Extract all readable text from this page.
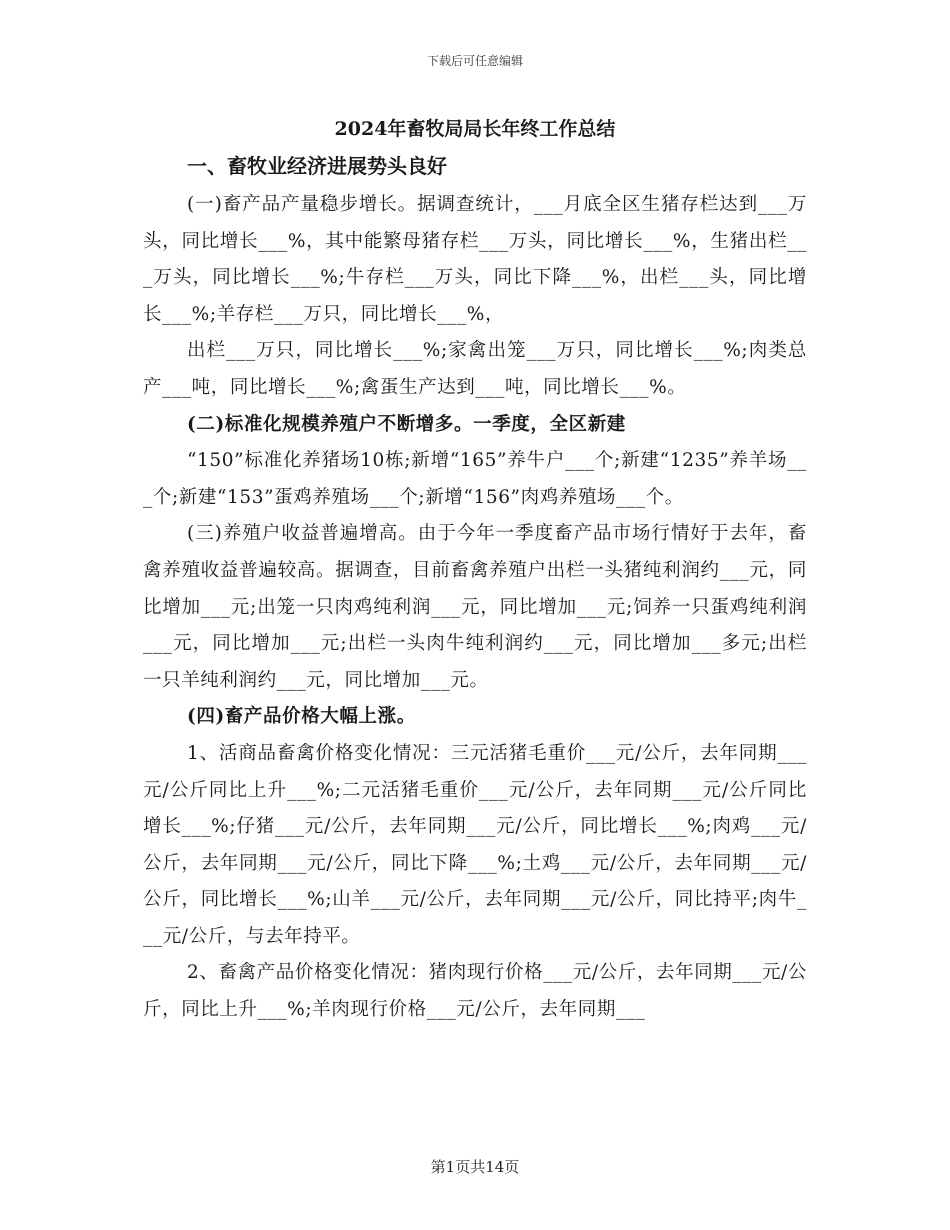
下载后可任意编辑
2024年畜牧局局长年终工作总结
一、畜牧业经济进展势头良好

(一)畜产品产量稳步增长。据调查统计，___月底全区生猪存栏达到___万头，同比增长___%，其中能繁母猪存栏___万头，同比增长___%，生猪出栏___万头，同比增长___%;牛存栏___万头，同比下降___%，出栏___头，同比增长___%;羊存栏___万只，同比增长___%，

出栏___万只，同比增长___%;家禽出笼___万只，同比增长___%;肉类总产___吨，同比增长___%;禽蛋生产达到___吨，同比增长___%。

(二)标准化规模养殖户不断增多。一季度，全区新建

“150”标准化养猪场10栋;新增“165”养牛户___个;新建“1235”养羊场___个;新建“153”蛋鸡养殖场___个;新增“156”肉鸡养殖场___个。

(三)养殖户收益普遍增高。由于今年一季度畜产品市场行情好于去年，畜禽养殖收益普遍较高。据调查，目前畜禽养殖户出栏一头猪纯利润约___元，同比增加___元;出笼一只肉鸡纯利润___元，同比增加___元;饲养一只蛋鸡纯利润___元，同比增加___元;出栏一头肉牛纯利润约___元，同比增加___多元;出栏一只羊纯利润约___元，同比增加___元。

(四)畜产品价格大幅上涨。

1、活商品畜禽价格变化情况：三元活猪毛重价___元/公斤，去年同期___元/公斤同比上升___%;二元活猪毛重价___元/公斤，去年同期___元/公斤同比增长___%;仔猪___元/公斤，去年同期___元/公斤，同比增长___%;肉鸡___元/公斤，去年同期___元/公斤，同比下降___%;土鸡___元/公斤，去年同期___元/公斤，同比增长___%;山羊___元/公斤，去年同期___元/公斤，同比持平;肉牛___元/公斤，与去年持平。

2、畜禽产品价格变化情况：猪肉现行价格___元/公斤，去年同期___元/公斤，同比上升___%;羊肉现行价格___元/公斤，去年同期___

第1页共14页
